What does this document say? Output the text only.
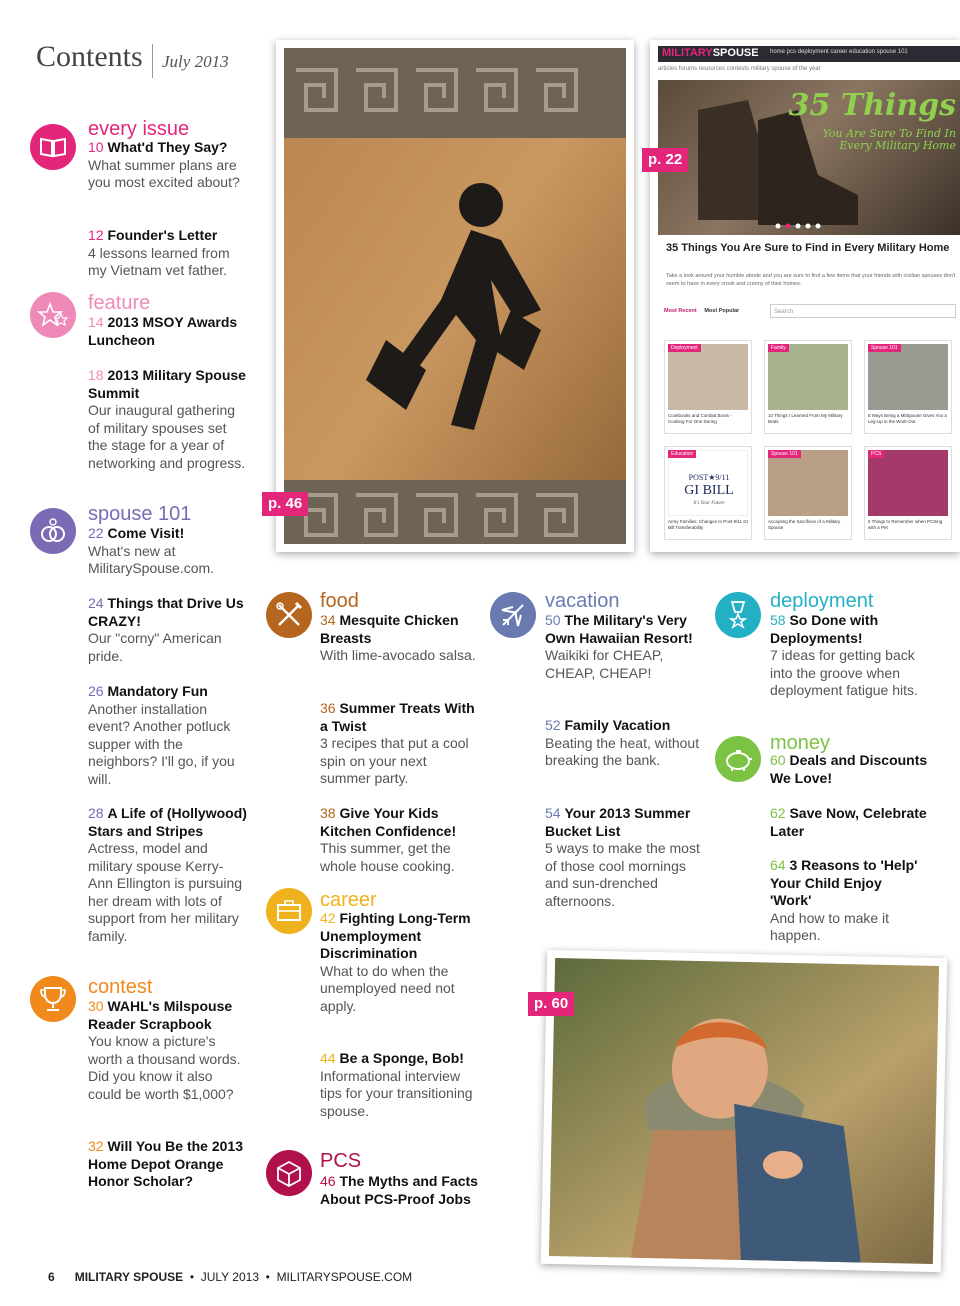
Contents July 2013
every issue
10 What'd They Say?
What summer plans are you most excited about?
12 Founder's Letter
4 lessons learned from my Vietnam vet father.
feature
14 2013 MSOY Awards Luncheon
18 2013 Military Spouse Summit
Our inaugural gathering of military spouses set the stage for a year of networking and progress.
spouse 101
22 Come Visit!
What's new at MilitarySpouse.com.
24 Things that Drive Us CRAZY!
Our "corny" American pride.
26 Mandatory Fun
Another installation event? Another potluck supper with the neighbors? I'll go, if you will.
28 A Life of (Hollywood) Stars and Stripes
Actress, model and military spouse Kerry-Ann Ellington is pursuing her dream with lots of support from her military family.
contest
30 WAHL's Milspouse Reader Scrapbook
You know a picture's worth a thousand words. Did you know it also could be worth $1,000?
32 Will You Be the 2013 Home Depot Orange Honor Scholar?
food
34 Mesquite Chicken Breasts
With lime-avocado salsa.
36 Summer Treats With a Twist
3 recipes that put a cool spin on your next summer party.
38 Give Your Kids Kitchen Confidence!
This summer, get the whole house cooking.
career
42 Fighting Long-Term Unemployment Discrimination
What to do when the unemployed need not apply.
44 Be a Sponge, Bob!
Informational interview tips for your transitioning spouse.
PCS
46 The Myths and Facts About PCS-Proof Jobs
vacation
50 The Military's Very Own Hawaiian Resort!
Waikiki for CHEAP, CHEAP, CHEAP!
52 Family Vacation
Beating the heat, without breaking the bank.
54 Your 2013 Summer Bucket List
5 ways to make the most of those cool mornings and sun-drenched afternoons.
deployment
58 So Done with Deployments!
7 ideas for getting back into the groove when deployment fatigue hits.
money
60 Deals and Discounts We Love!
62 Save Now, Celebrate Later
64 3 Reasons to 'Help' Your Child Enjoy 'Work'
And how to make it happen.
p. 46
MILITARYSPOUSE home pcs deployment career education spouse 101
articles forums resources contests military spouse of the year
35 Things
You Are Sure To Find In Every Military Home
35 Things You Are Sure to Find in Every Military Home
Take a look around your humble abode and you are sure to find a few items that your friends with civilian spouses don't seem to have in every crook and cranny of their homes.
Most Recent Most Popular	Search
Deployment
Cookbooks and Combat Boots - Cooking For One During
Family
10 Things I Learned From My Military Brats
Spouse 101
5 Ways Being a MilSpouse Gives You a Leg-Up in the Work-Out
POST★9/11
GI BILL
It's Your Future
Education
Army Families: Changes to Post 9/11 GI Bill Transferability
Spouse 101
Accepting the Sacrifices of a Military Spouse
PCS
5 Things to Remember when PCSing with a Pet
p. 22
p. 60
6 MILITARY SPOUSE  •  JULY 2013  •  MILITARYSPOUSE.COM
